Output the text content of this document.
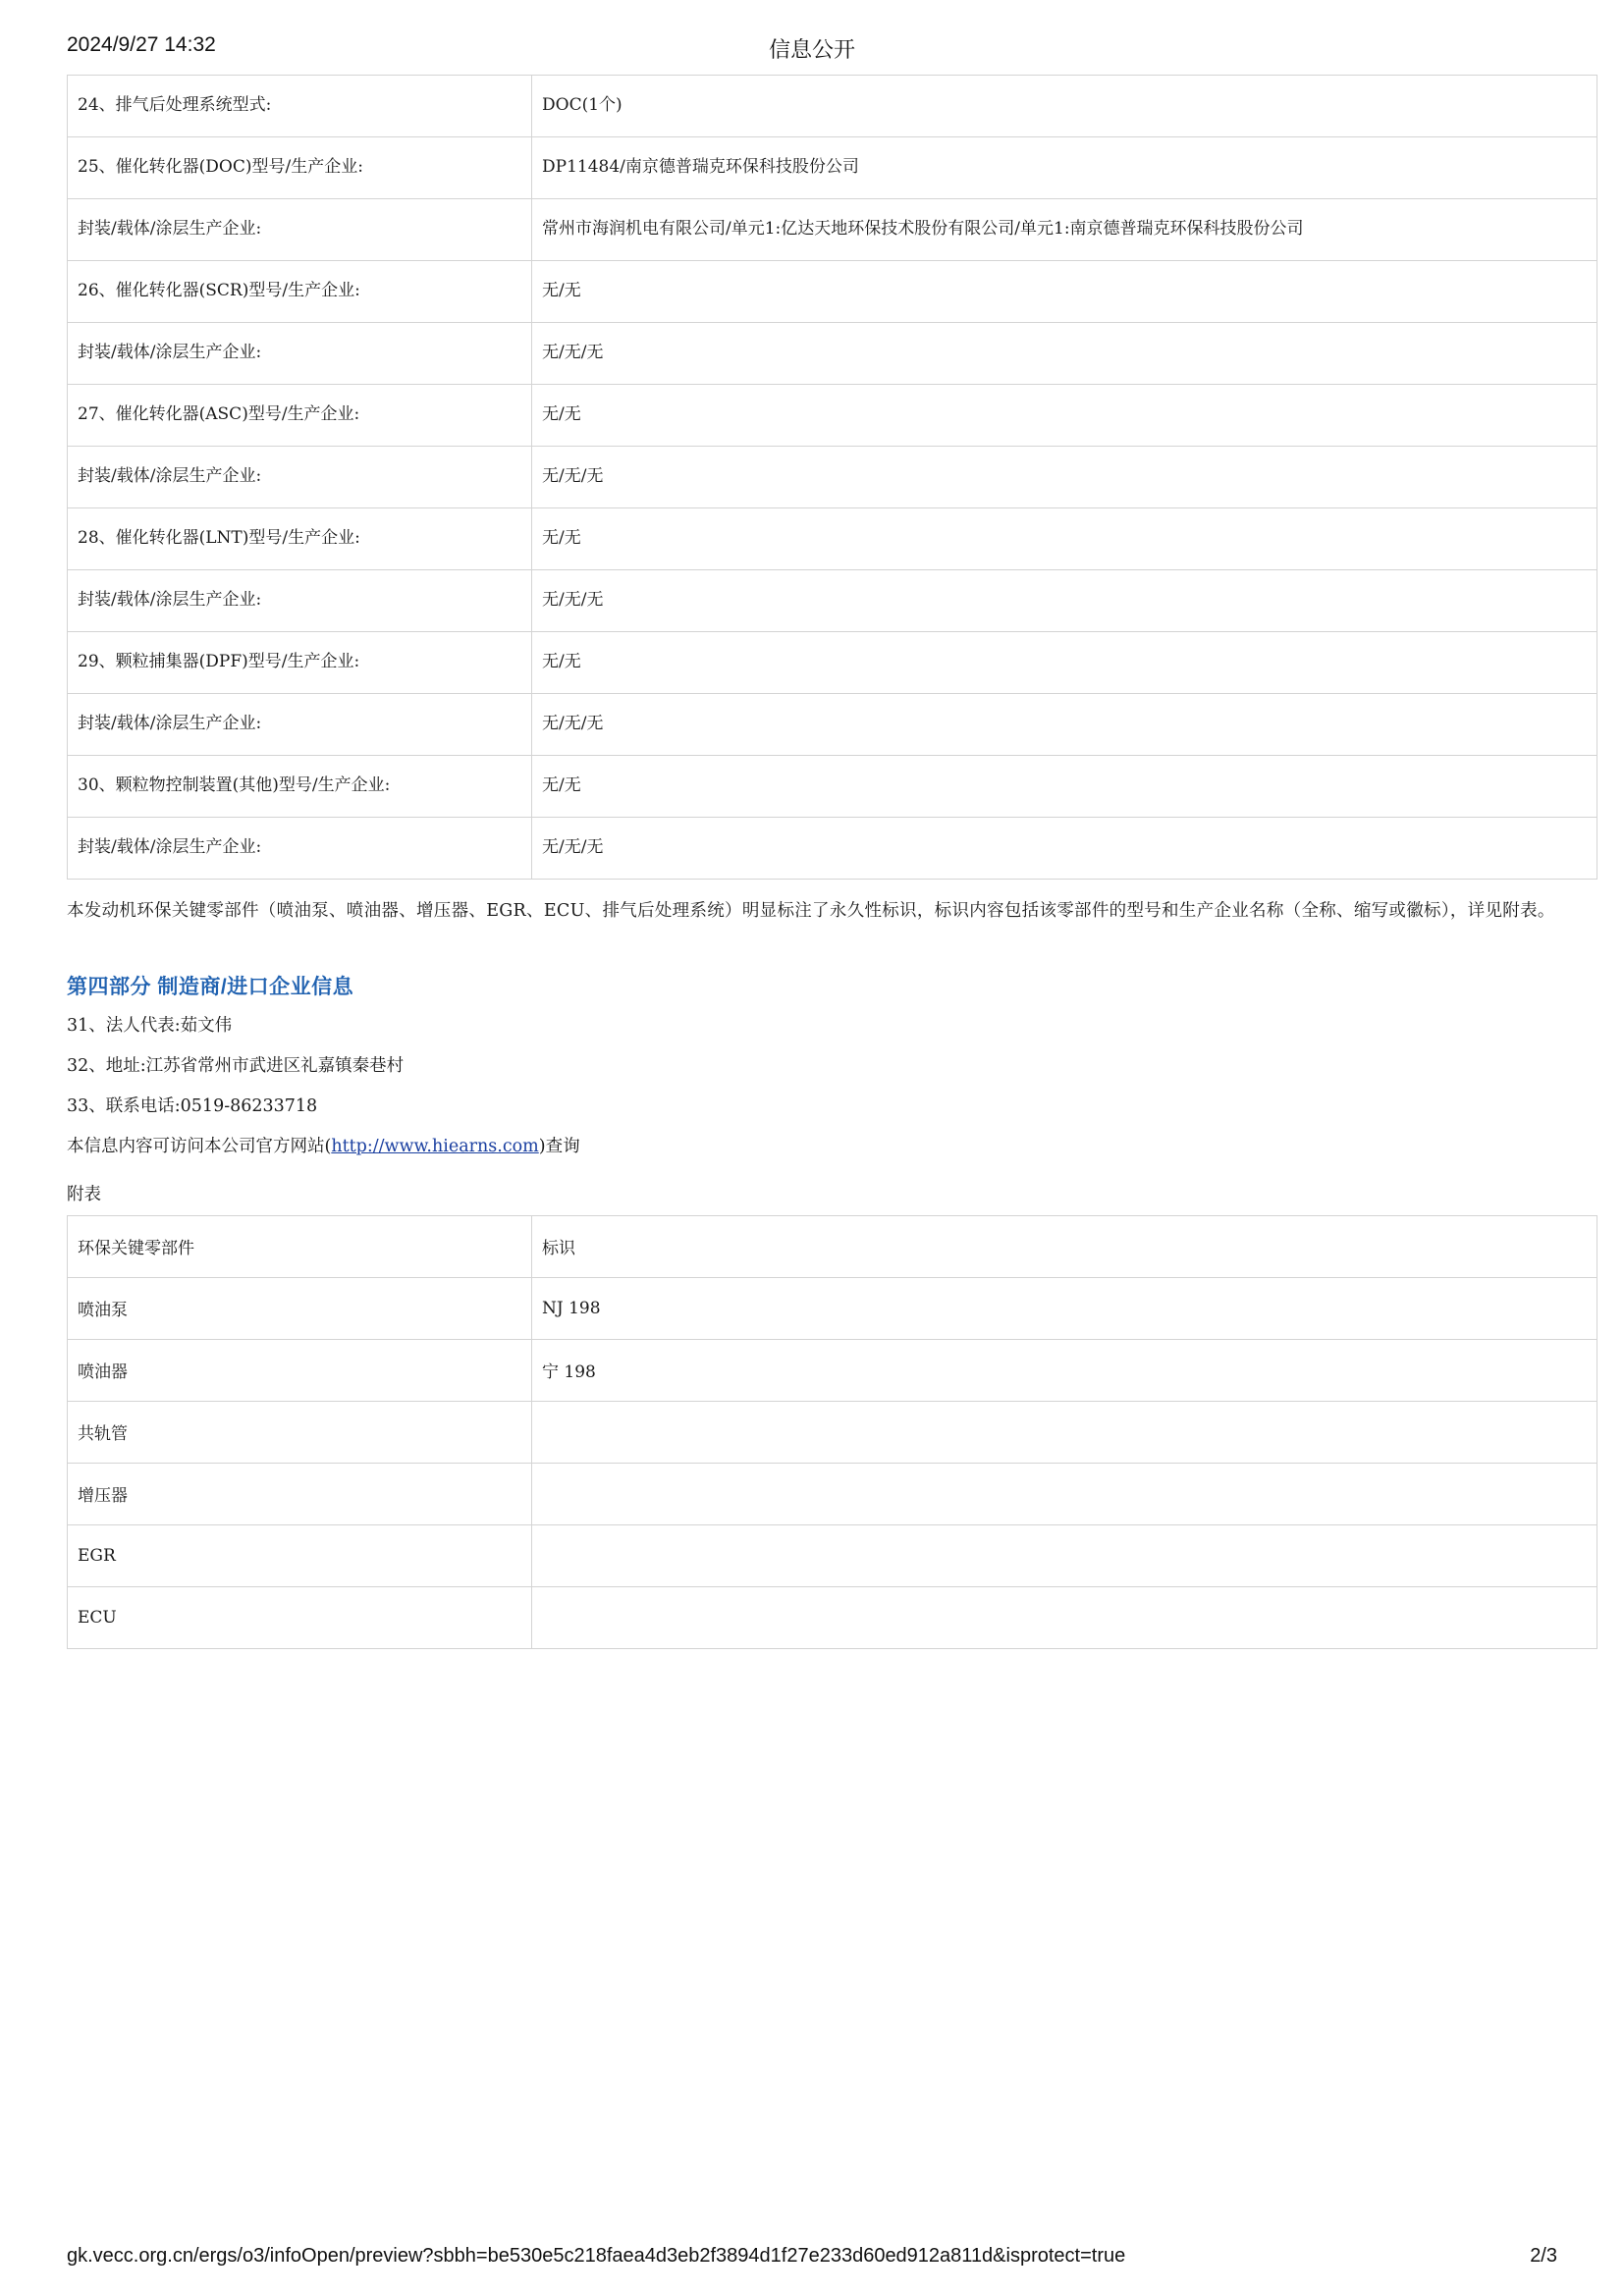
2024/9/27 14:32	信息公开
24、排气后处理系统型式:	DOC(1个)
25、催化转化器(DOC)型号/生产企业:	DP11484/南京德普瑞克环保科技股份公司
封装/载体/涂层生产企业:	常州市海润机电有限公司/单元1:亿达天地环保技术股份有限公司/单元1:南京德普瑞克环保科技股份公司
26、催化转化器(SCR)型号/生产企业:	无/无
封装/载体/涂层生产企业:	无/无/无
27、催化转化器(ASC)型号/生产企业:	无/无
封装/载体/涂层生产企业:	无/无/无
28、催化转化器(LNT)型号/生产企业:	无/无
封装/载体/涂层生产企业:	无/无/无
29、颗粒捕集器(DPF)型号/生产企业:	无/无
封装/载体/涂层生产企业:	无/无/无
30、颗粒物控制装置(其他)型号/生产企业:	无/无
封装/载体/涂层生产企业:	无/无/无

本发动机环保关键零部件（喷油泵、喷油器、增压器、EGR、ECU、排气后处理系统）明显标注了永久性标识，标识内容包括该零部件的型号和生产企业名称（全称、缩写或徽标），详见附表。

第四部分 制造商/进口企业信息
31、法人代表:茹文伟
32、地址:江苏省常州市武进区礼嘉镇秦巷村
33、联系电话:0519-86233718
本信息内容可访问本公司官方网站(http://www.hiearns.com)查询
附表
环保关键零部件	标识
喷油泵	NJ 198
喷油器	宁 198
共轨管	
增压器	
EGR	
ECU	
gk.vecc.org.cn/ergs/o3/infoOpen/preview?sbbh=be530e5c218faea4d3eb2f3894d1f27e233d60ed912a811d&isprotect=true	2/3
